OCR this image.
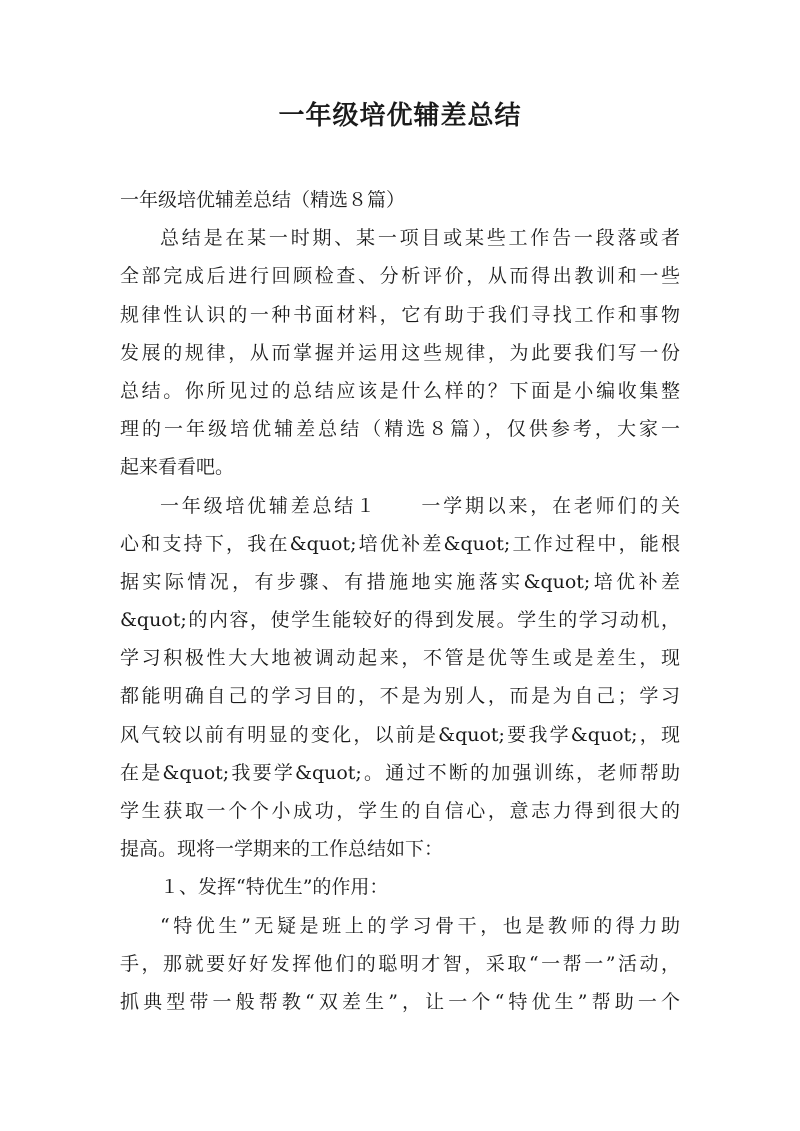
一年级培优辅差总结
一年级培优辅差总结（精选８篇）
总结是在某一时期、某一项目或某些工作告一段落或者
全部完成后进行回顾检查、分析评价，从而得出教训和一些
规律性认识的一种书面材料，它有助于我们寻找工作和事物
发展的规律，从而掌握并运用这些规律，为此要我们写一份
总结。你所见过的总结应该是什么样的？下面是小编收集整
理的一年级培优辅差总结（精选８篇），仅供参考，大家一
起来看看吧。
一年级培优辅差总结１　　一学期以来，在老师们的关
心和支持下，我在&quot;培优补差&quot;工作过程中，能根
据实际情况，有步骤、有措施地实施落实&quot;培优补差
&quot;的内容，使学生能较好的得到发展。学生的学习动机，
学习积极性大大地被调动起来，不管是优等生或是差生，现
都能明确自己的学习目的，不是为别人，而是为自己；学习
风气较以前有明显的变化，以前是&quot;要我学&quot;，现
在是&quot;我要学&quot;。通过不断的加强训练，老师帮助
学生获取一个个小成功，学生的自信心，意志力得到很大的
提高。现将一学期来的工作总结如下：
１、发挥“特优生”的作用：
“特优生”无疑是班上的学习骨干，也是教师的得力助
手，那就要好好发挥他们的聪明才智，采取“一帮一”活动，
抓典型带一般帮教“双差生”，让一个“特优生”帮助一个
